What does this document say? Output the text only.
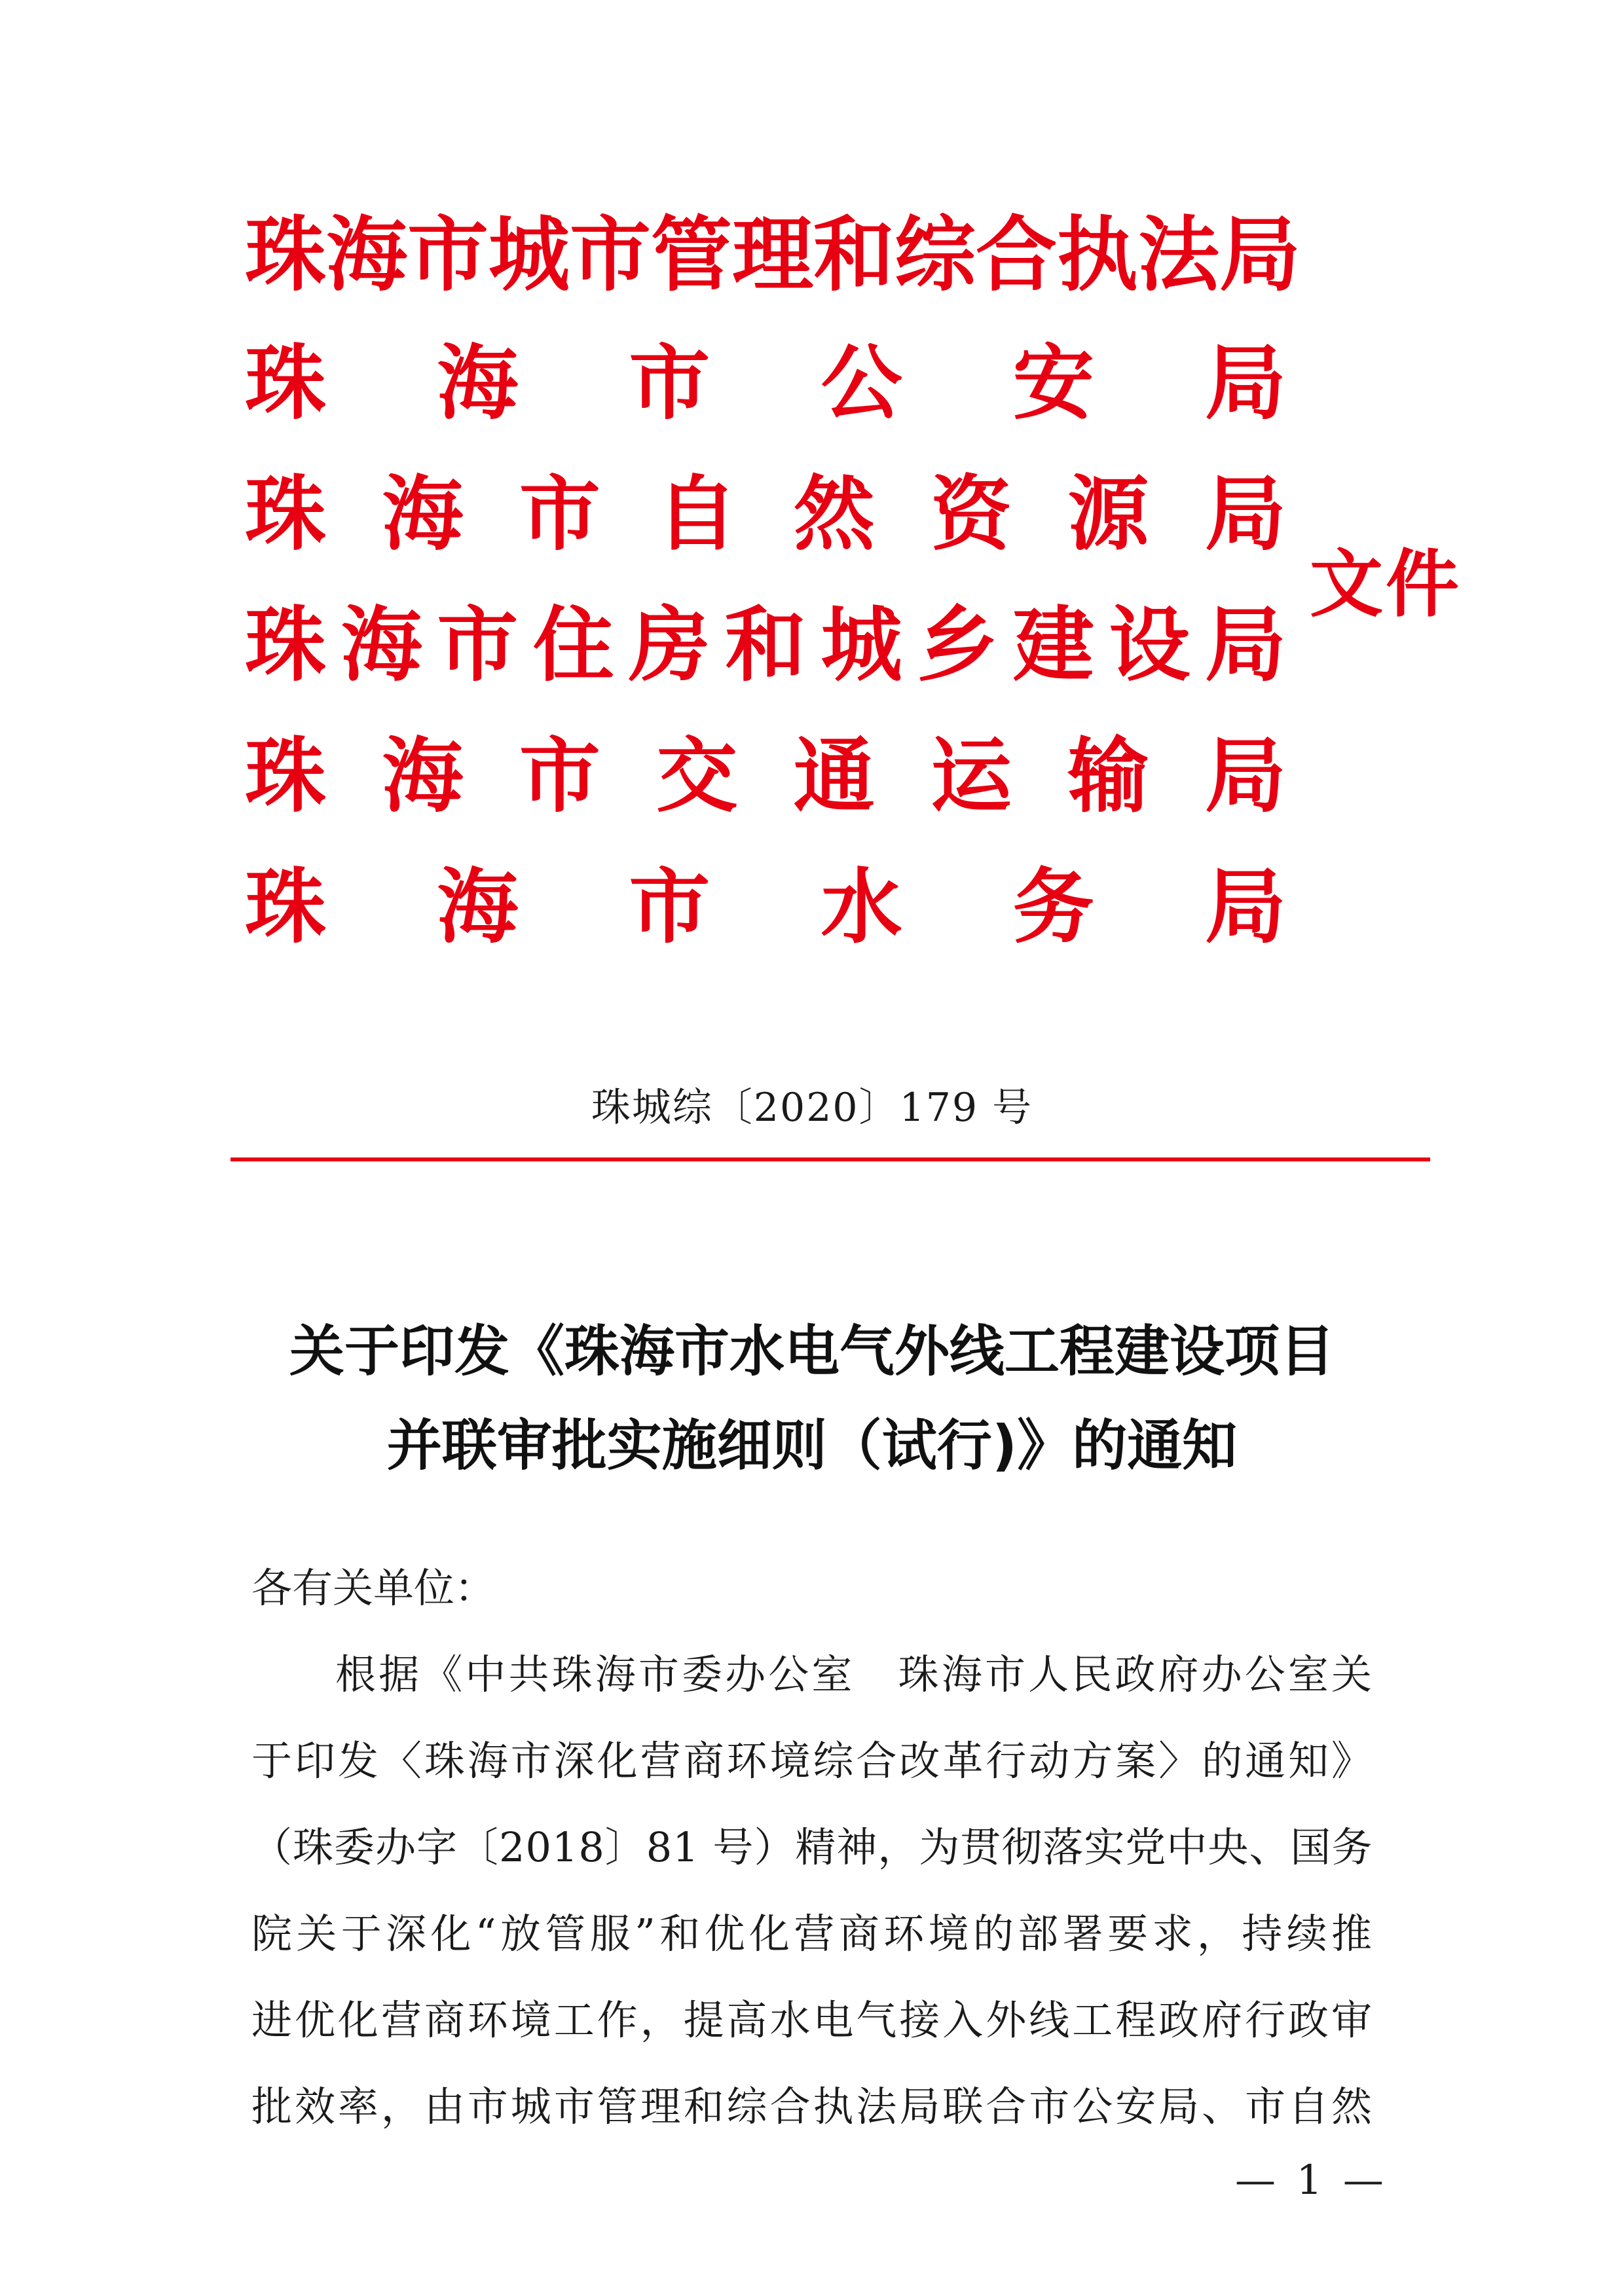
珠 海 市 城 市 管 理 和 综 合 执 法 局
珠 海 市 公 安 局
珠 海 市 自 然 资 源 局
珠 海 市 住 房 和 城 乡 建 设 局
珠 海 市 交 通 运 输 局
珠 海 市 水 务 局
文件
珠城综〔2020〕179 号
关于印发《珠海市水电气外线工程建设项目
并联审批实施细则（试行)》的通知
各有关单位：
根据《中共珠海市委办公室　珠海市人民政府办公室关
于印发〈珠海市深化营商环境综合改革行动方案〉的通知》
（珠委办字〔2018〕81 号）精神，为贯彻落实党中央、国务
院关于深化“放管服”和优化营商环境的部署要求，持续推
进优化营商环境工作，提高水电气接入外线工程政府行政审
批效率，由市城市管理和综合执法局联合市公安局、市自然
— 1 —
